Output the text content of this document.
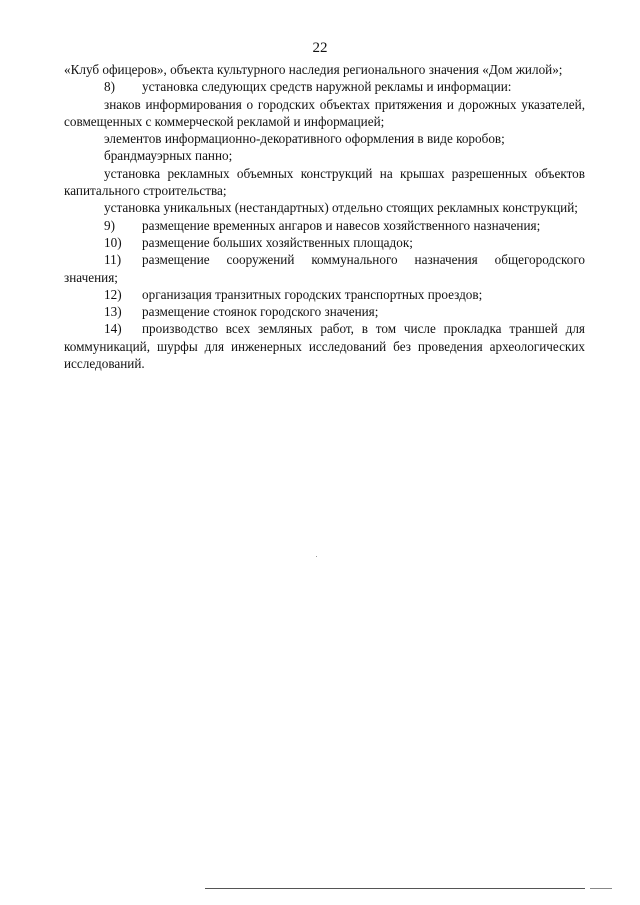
22

«Клуб офицеров», объекта культурного наследия регионального значения «Дом жилой»;

8) установка следующих средств наружной рекламы и информации:

знаков информирования о городских объектах притяжения и дорожных указателей, совмещенных с коммерческой рекламой и информацией;

элементов информационно-декоративного оформления в виде коробов;

брандмауэрных панно;

установка рекламных объемных конструкций на крышах разрешенных объектов капитального строительства;

установка уникальных (нестандартных) отдельно стоящих рекламных конструкций;

9) размещение временных ангаров и навесов хозяйственного назначения;

10) размещение больших хозяйственных площадок;

11) размещение сооружений коммунального назначения общегородского значения;

12) организация транзитных городских транспортных проездов;

13) размещение стоянок городского значения;

14) производство всех земляных работ, в том числе прокладка траншей для коммуникаций, шурфы для инженерных исследований без проведения археологических исследований.
